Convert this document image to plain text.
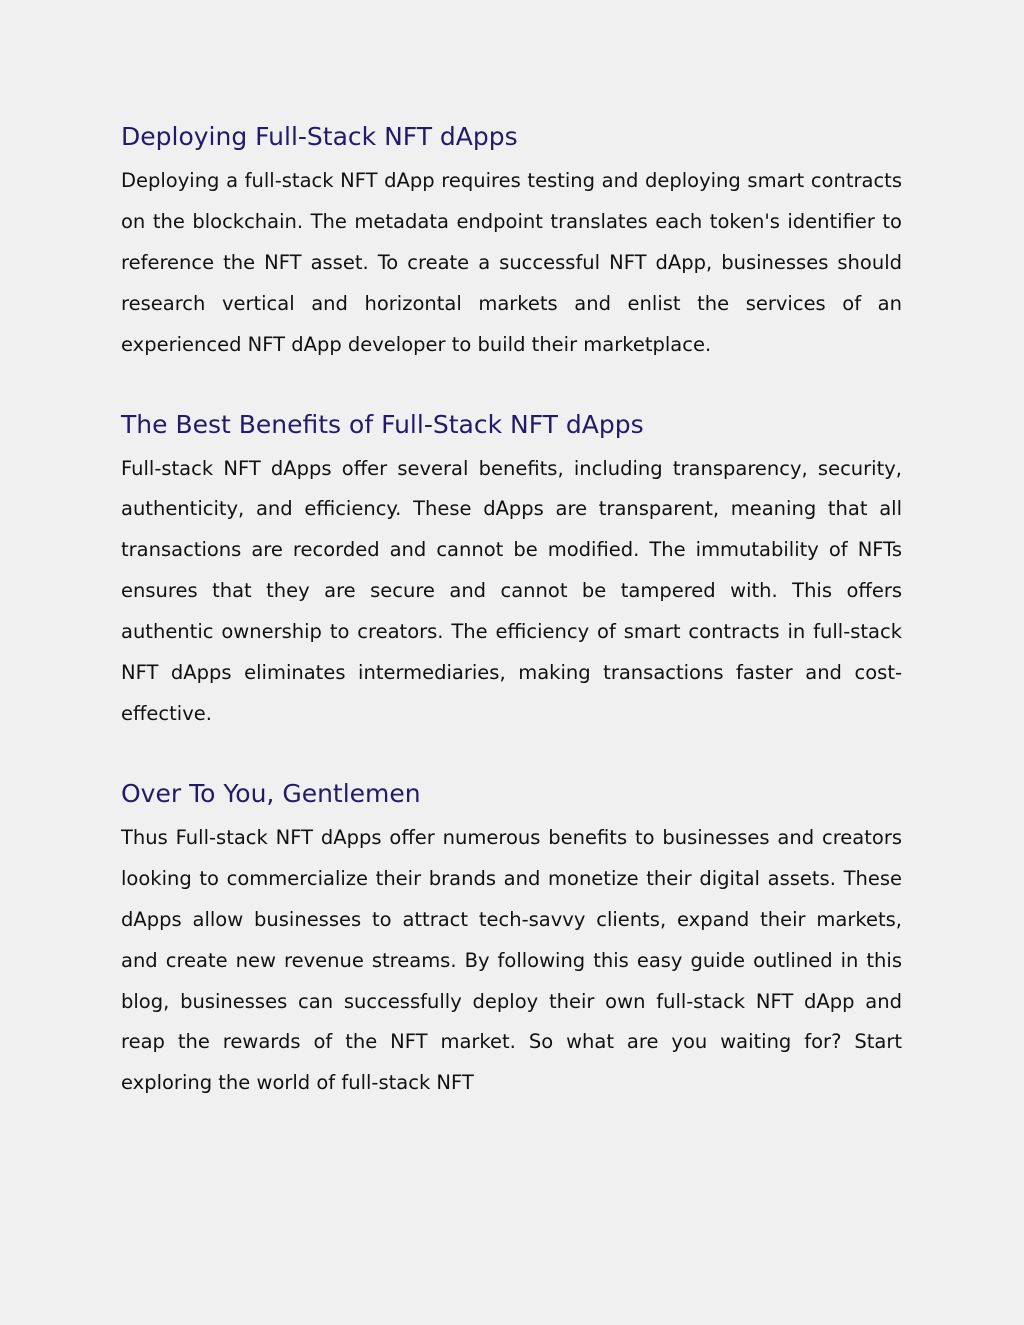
Deploying Full-Stack NFT dApps

Deploying a full-stack NFT dApp requires testing and deploying smart contracts on the blockchain. The metadata endpoint translates each token's identifier to reference the NFT asset. To create a successful NFT dApp, businesses should research vertical and horizontal markets and enlist the services of an experienced NFT dApp developer to build their marketplace.

The Best Benefits of Full-Stack NFT dApps

Full-stack NFT dApps offer several benefits, including transparency, security, authenticity, and efficiency. These dApps are transparent, meaning that all transactions are recorded and cannot be modified. The immutability of NFTs ensures that they are secure and cannot be tampered with. This offers authentic ownership to creators. The efficiency of smart contracts in full-stack NFT dApps eliminates intermediaries, making transactions faster and cost-effective.

Over To You, Gentlemen

Thus Full-stack NFT dApps offer numerous benefits to businesses and creators looking to commercialize their brands and monetize their digital assets. These dApps allow businesses to attract tech-savvy clients, expand their markets, and create new revenue streams. By following this easy guide outlined in this blog, businesses can successfully deploy their own full-stack NFT dApp and reap the rewards of the NFT market. So what are you waiting for? Start exploring the world of full-stack NFT
